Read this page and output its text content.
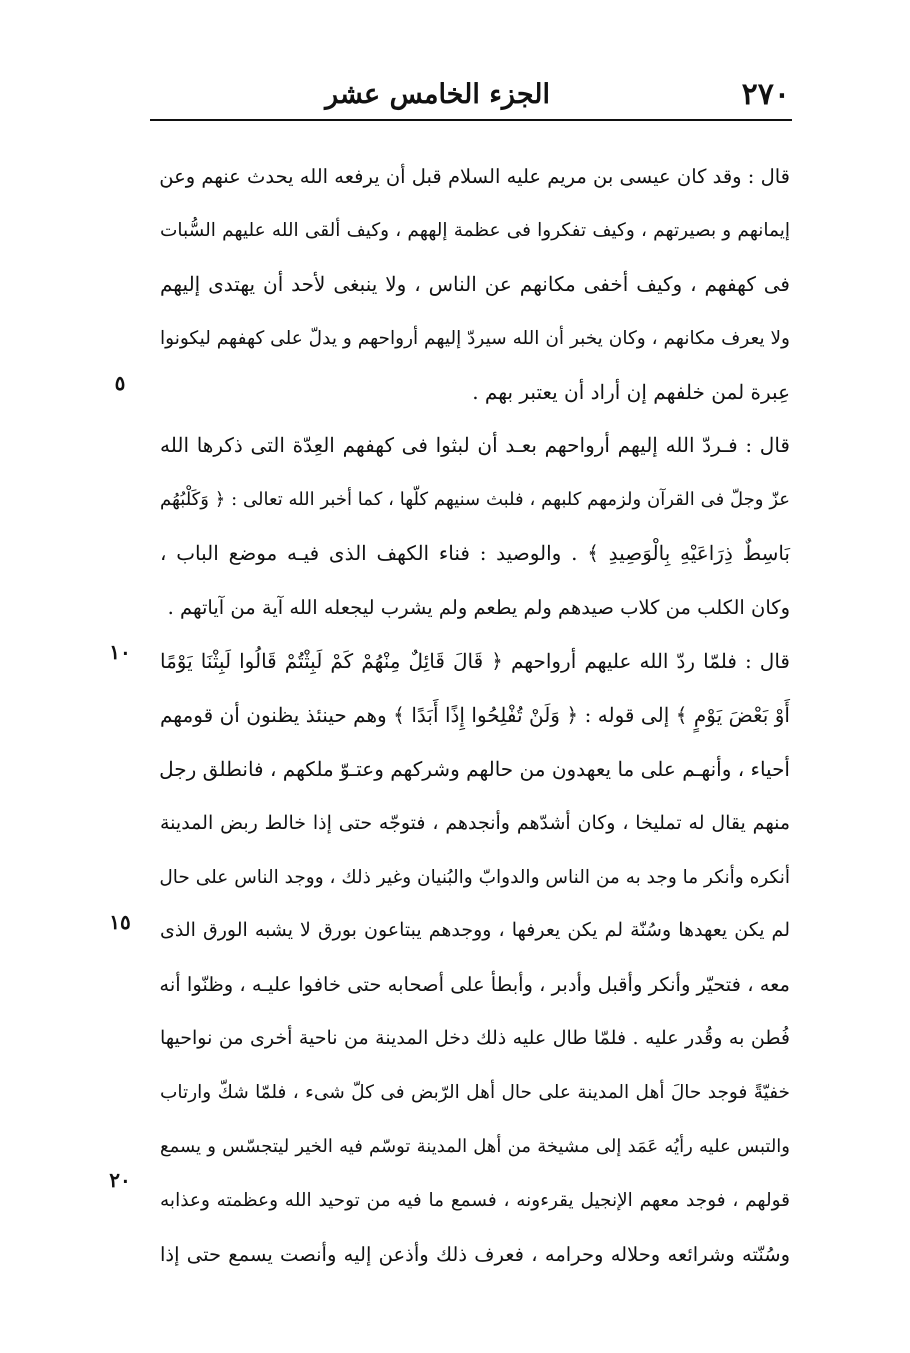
٢٧٠
الجزء الخامس عشر
قال : وقد كان عيسى بن مريم عليه السلام قبل أن يرفعه الله يحدث عنهم وعن
إيمانهم و بصيرتهم ، وكيف تفكروا فى عظمة إلههم ، وكيف ألقى الله عليهم السُّبات
فى كهفهم ، وكيف أخفى مكانهم عن الناس ، ولا ينبغى لأحد أن يهتدى إليهم
ولا يعرف مكانهم ، وكان يخبر أن الله سيردّ إليهم أرواحهم و يدلّ على كهفهم ليكونوا
عِبرة لمن خلفهم إن أراد أن يعتبر بهم .
قال : فـردّ الله إليهم أرواحهم بعـد أن لبثوا فى كهفهم العِدّة التى ذكرها الله
عزّ وجلّ فى القرآن ولزمهم كلبهم ، فلبث سنيهم كلّها ، كما أخبر الله تعالى : ﴿ وَكَلْبُهُم
بَاسِطٌ ذِرَاعَيْهِ بِالْوَصِيدِ ﴾ . والوصيد : فناء الكهف الذى فيـه موضع الباب ،
وكان الكلب من كلاب صيدهم ولم يطعم ولم يشرب ليجعله الله آية من آياتهم .
قال : فلمّا ردّ الله عليهم أرواحهم ﴿ قَالَ قَائِلٌ مِنْهُمْ كَمْ لَبِثْتُمْ قَالُوا لَبِثْنَا يَوْمًا
أَوْ بَعْضَ يَوْمٍ ﴾ إلى قوله : ﴿ وَلَنْ تُفْلِحُوا إِذًا أَبَدًا ﴾ وهم حينئذ يظنون أن قومهم
أحياء ، وأنهـم على ما يعهدون من حالهم وشركهم وعتـوّ ملكهم ، فانطلق رجل
منهم يقال له تمليخا ، وكان أشدّهم وأنجدهم ، فتوجّه حتى إذا خالط ربض المدينة
أنكره وأنكر ما وجد به من الناس والدوابّ والبُنيان وغير ذلك ، ووجد الناس على حال
لم يكن يعهدها وسُنّة لم يكن يعرفها ، ووجدهم يبتاعون بورق لا يشبه الورق الذى
معه ، فتحيّر وأنكر وأقبل وأدبر ، وأبطأ على أصحابه حتى خافوا عليـه ، وظنّوا أنه
فُطن به وقُدر عليه . فلمّا طال عليه ذلك دخل المدينة من ناحية أخرى من نواحيها
خفيّةً فوجد حالَ أهل المدينة على حال أهل الرّبض فى كلّ شىء ، فلمّا شكّ وارتاب
والتبس عليه رأيُه عَمَد إلى مشيخة من أهل المدينة توسّم فيه الخير ليتجسّس و يسمع
قولهم ، فوجد معهم الإنجيل يقرءونه ، فسمع ما فيه من توحيد الله وعظمته وعذابه
وسُنّته وشرائعه وحلاله وحرامه ، فعرف ذلك وأذعن إليه وأنصت يسمع حتى إذا
٥
١٠
١٥
٢٠
